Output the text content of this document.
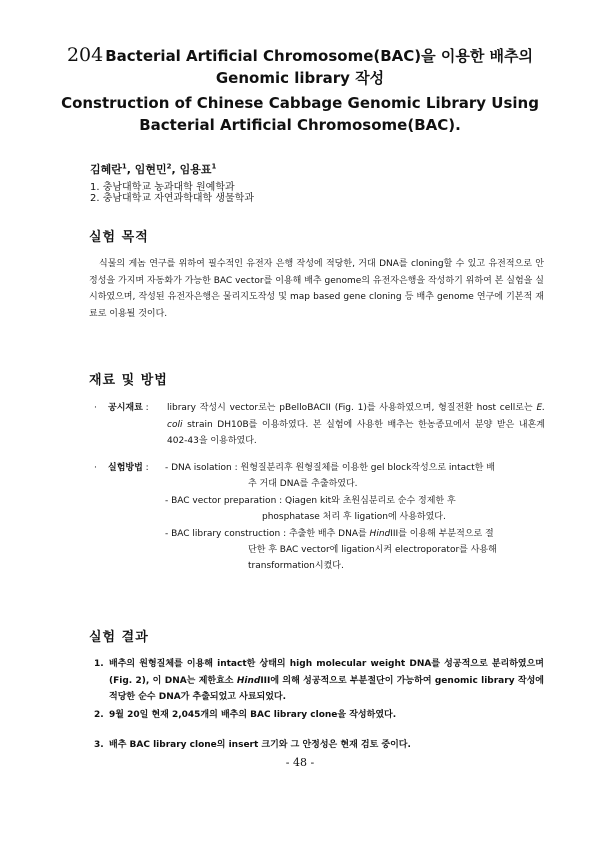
204 Bacterial Artificial Chromosome(BAC)을 이용한 배추의
Genomic library 작성
Construction of Chinese Cabbage Genomic Library Using
Bacterial Artificial Chromosome(BAC).
김혜란$^1$, 임현민$^2$, 임용표$^1$
1. 충남대학교 농과대학 원예학과
2. 충남대학교 자연과학대학 생물학과
실험 목적
식물의 게놈 연구를 위하여 필수적인 유전자 은행 작성에 적당한, 거대 DNA를 cloning할 수 있고 유전적으로 안정성을 가지며 자동화가 가능한 BAC vector를 이용해 배추 genome의 유전자은행을 작성하기 위하여 본 실험을 실시하였으며, 작성된 유전자은행은 물리지도작성 및 map based gene cloning 등 배추 genome 연구에 기본적 재료로 이용될 것이다.
재료 및 방법
· 공시재료 : library 작성시 vector로는 pBelloBACII (Fig. 1)를 사용하였으며, 형질전환 host cell로는 E. coli strain DH10B를 이용하였다. 본 실험에 사용한 배추는 한농종묘에서 분양 받은 내혼계 402-43을 이용하였다.
· 실험방법 : - DNA isolation : 원형질분리후 원형질체를 이용한 gel block작성으로 intact한 배
추 거대 DNA를 추출하였다.
- BAC vector preparation : Qiagen kit와 초원심분리로 순수 정제한 후
phosphatase 처리 후 ligation에 사용하였다.
- BAC library construction : 추출한 배추 DNA를 HindIII를 이용해 부분적으로 절
단한 후 BAC vector에 ligation시켜 electroporator를 사용해
transformation시켰다.
실험 결과
1. 배추의 원형질체를 이용해 intact한 상태의 high molecular weight DNA를 성공적으로 분리하였으며(Fig. 2), 이 DNA는 제한효소 HindIII에 의해 성공적으로 부분절단이 가능하여 genomic library 작성에 적당한 순수 DNA가 추출되었고 사료되었다.
2. 9월 20일 현재 2,045개의 배추의 BAC library clone을 작성하였다.
3. 배추 BAC library clone의 insert 크기와 그 안정성은 현재 검토 중이다.
- 48 -
